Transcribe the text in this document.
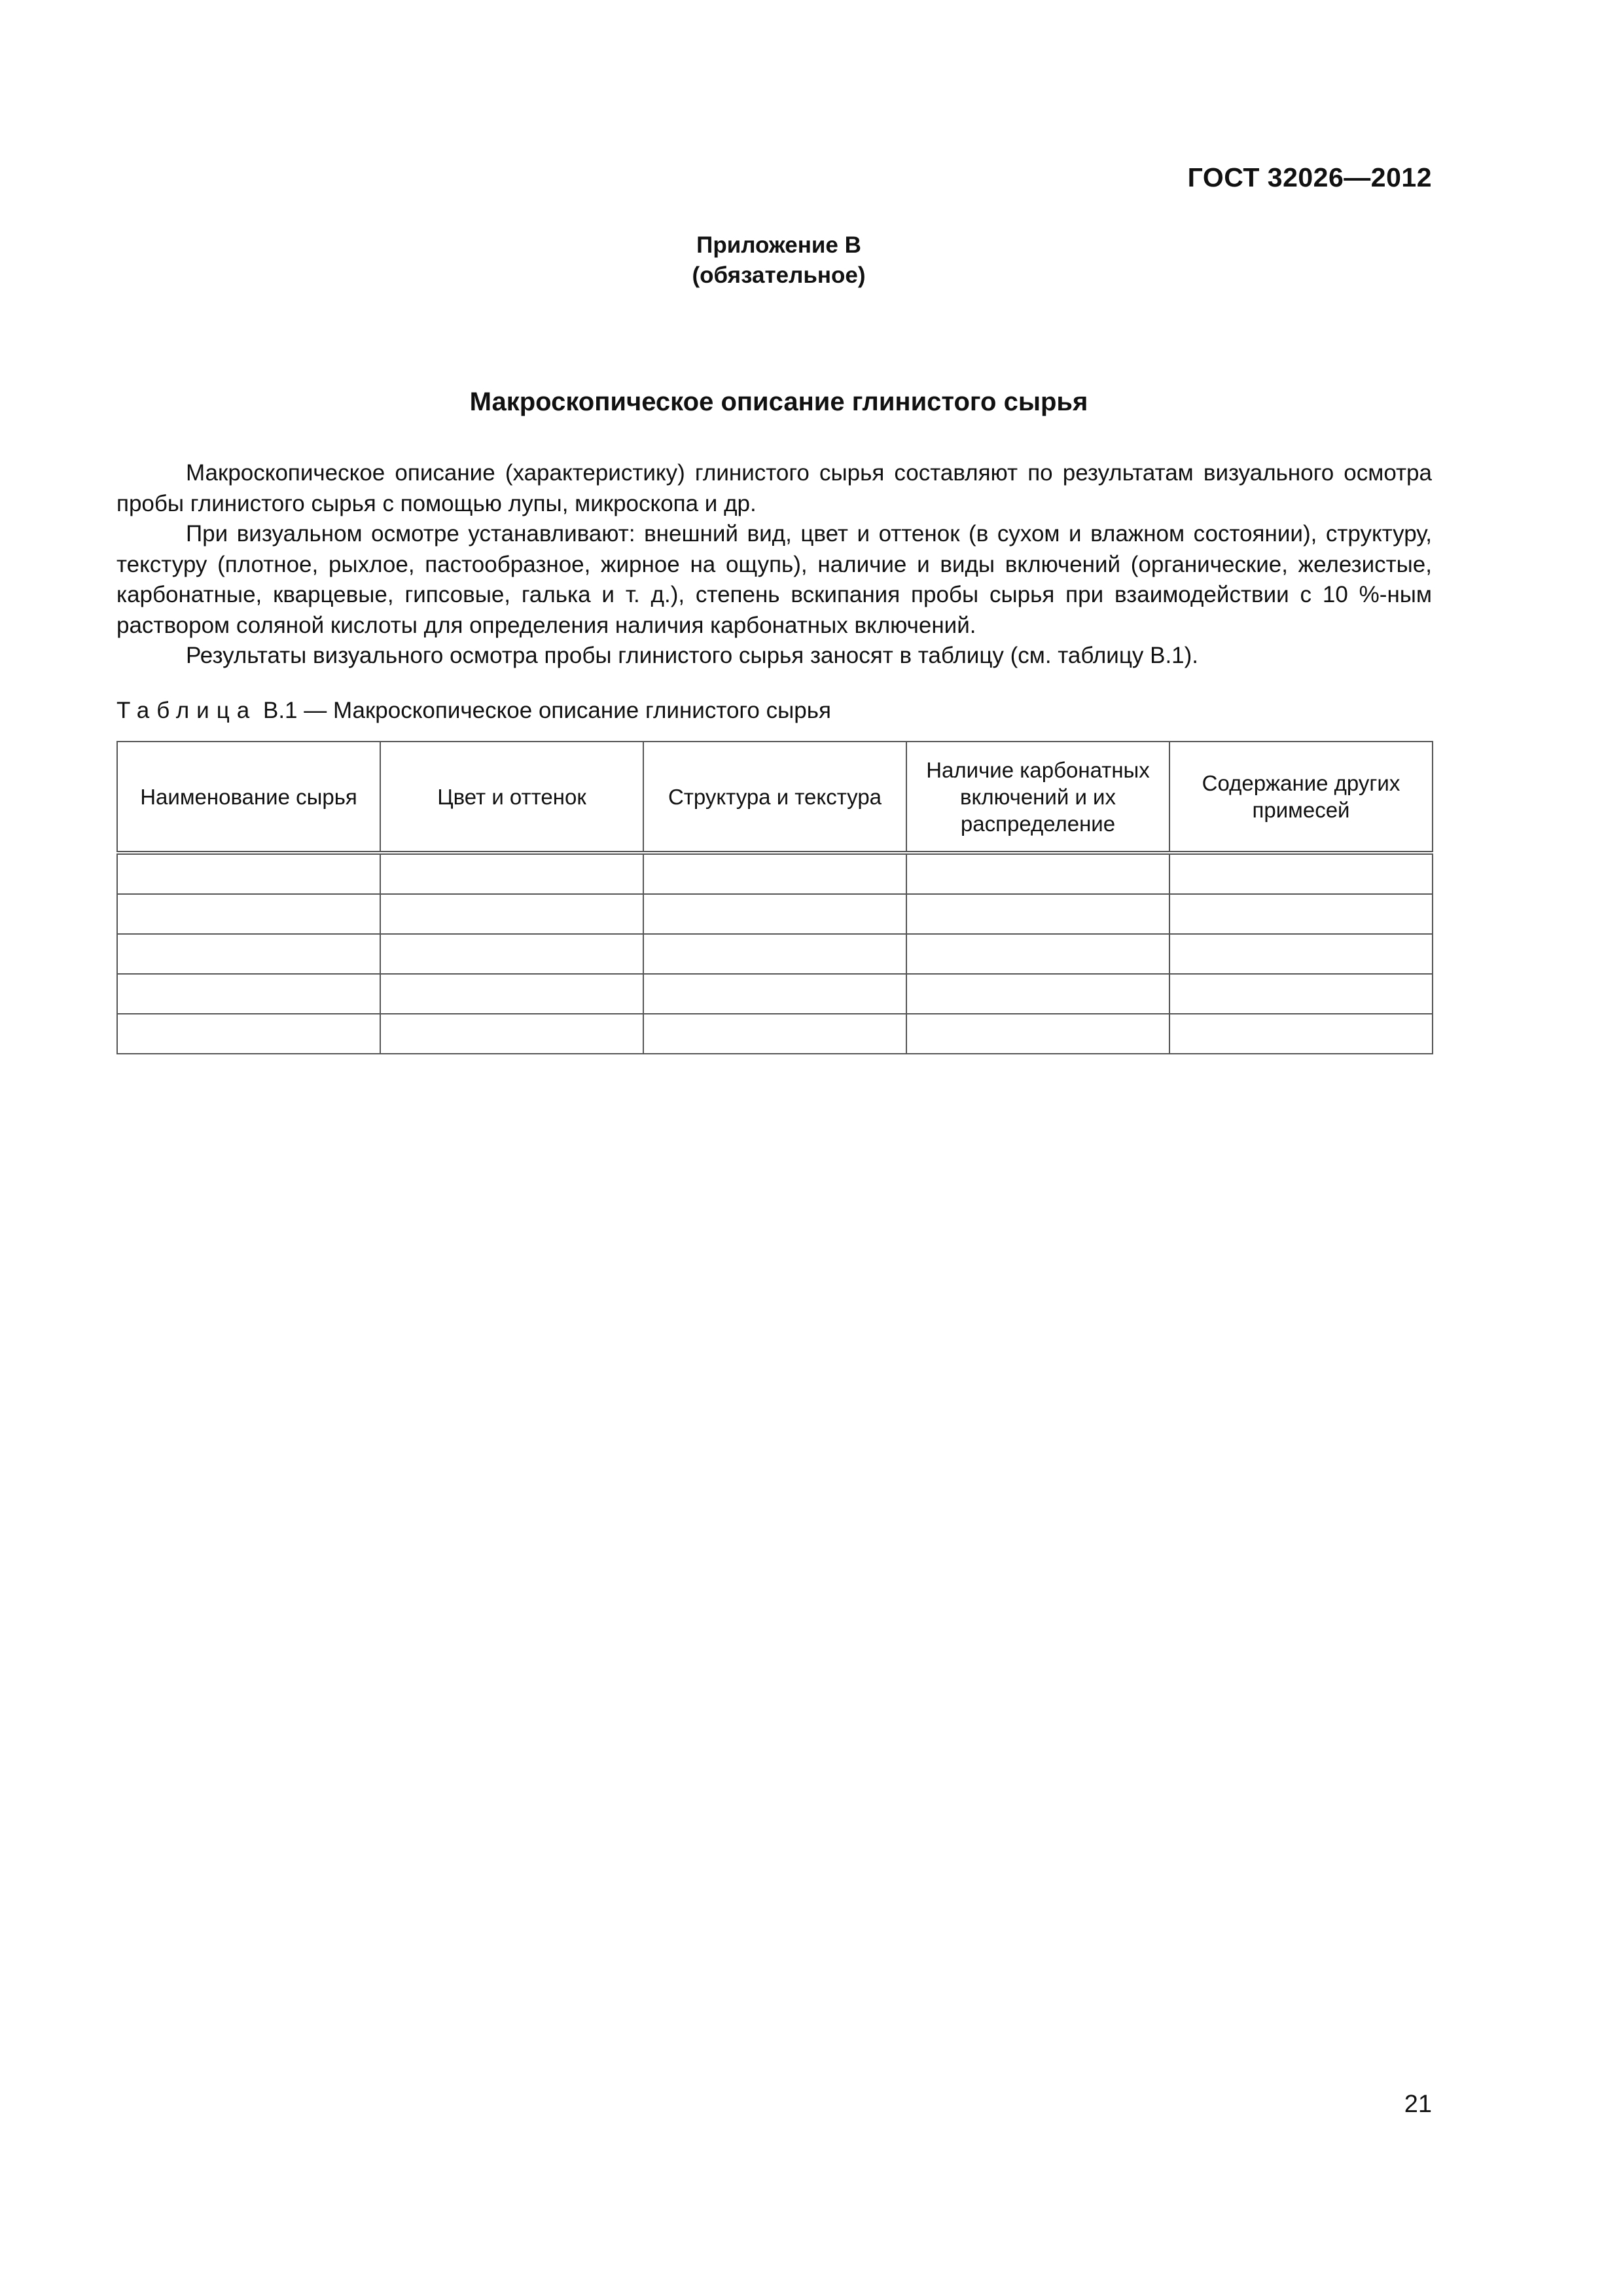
ГОСТ 32026—2012
Приложение В
(обязательное)
Макроскопическое описание глинистого сырья

Макроскопическое описание (характеристику) глинистого сырья составляют по результатам визуального осмотра пробы глинистого сырья с помощью лупы, микроскопа и др.

При визуальном осмотре устанавливают: внешний вид, цвет и оттенок (в сухом и влажном состоянии), структуру, текстуру (плотное, рыхлое, пастообразное, жирное на ощупь), наличие и виды включений (органические, железистые, карбонатные, кварцевые, гипсовые, галька и т. д.), степень вскипания пробы сырья при взаимодействии с 10 %-ным раствором соляной кислоты для определения наличия карбонатных включений.

Результаты визуального осмотра пробы глинистого сырья заносят в таблицу (см. таблицу В.1).

Таблица В.1 — Макроскопическое описание глинистого сырья
Наименование сырья	Цвет и оттенок	Структура и текстура	Наличие карбонатных включений и их распределение	Содержание других примесей

21
